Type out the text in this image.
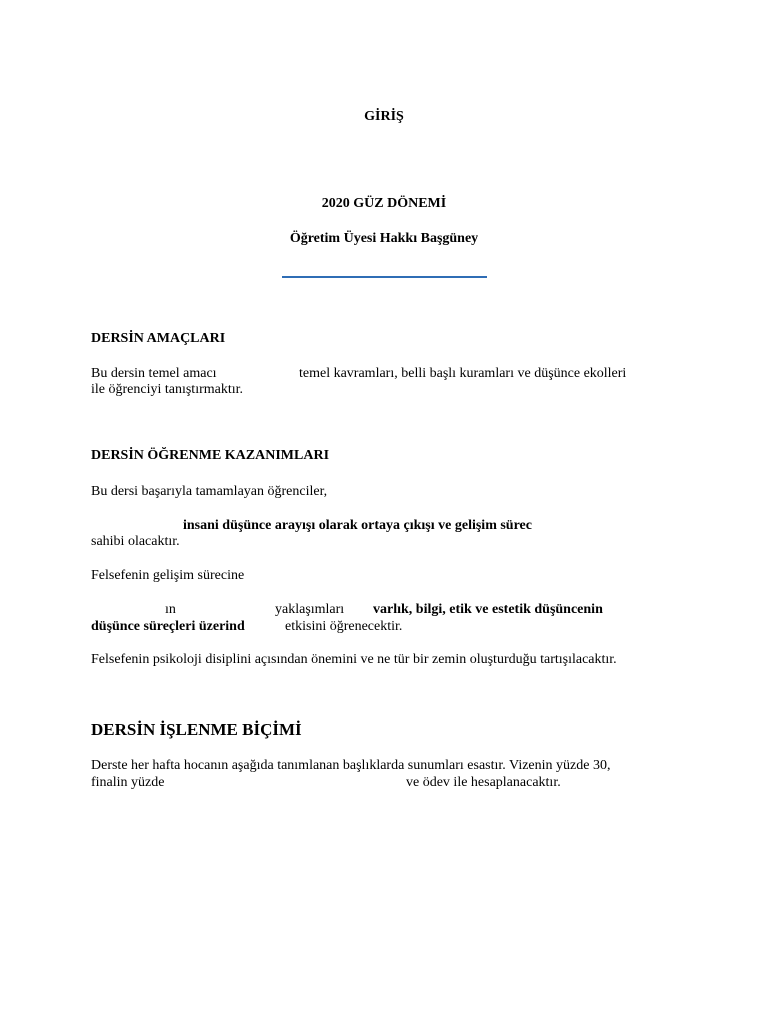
GİRİŞ
2020 GÜZ DÖNEMİ
Öğretim Üyesi Hakkı Başgüney
DERSİN AMAÇLARI
Bu dersin temel amacı	temel kavramları, belli başlı kuramları ve düşünce ekolleri
ile öğrenciyi tanıştırmaktır.
DERSİN ÖĞRENME KAZANIMLARI
Bu dersi başarıyla tamamlayan öğrenciler,
insani düşünce arayışı olarak ortaya çıkışı ve gelişim sürec
sahibi olacaktır.
Felsefenin gelişim sürecine
ın	yaklaşımları varlık, bilgi, etik ve estetik düşüncenin
düşünce süreçleri üzerind	etkisini öğrenecektir.
Felsefenin psikoloji disiplini açısından önemini ve ne tür bir zemin oluşturduğu tartışılacaktır.
DERSİN İŞLENME BİÇİMİ
Derste her hafta hocanın aşağıda tanımlanan başlıklarda sunumları esastır. Vizenin yüzde 30,
finalin yüzde	ve ödev ile hesaplanacaktır.
